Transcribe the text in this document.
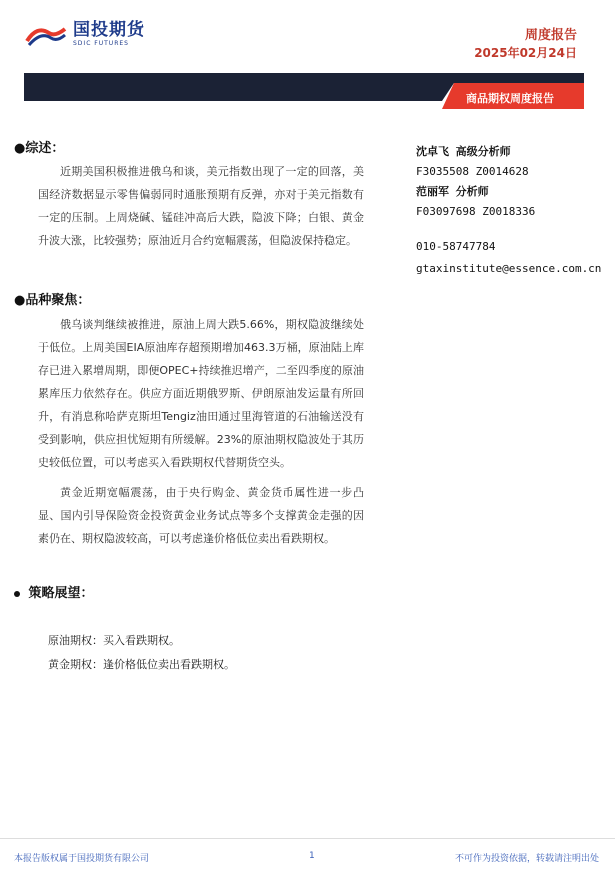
国投期货
SDIC FUTURES
周度报告
2025年02月24日
商品期权周度报告
●综述：

近期美国积极推进俄乌和谈，美元指数出现了一定的回落，美国经济数据显示零售偏弱同时通胀预期有反弹，亦对于美元指数有一定的压制。上周烧碱、锰硅冲高后大跌，隐波下降；白银、黄金升波大涨，比较强势；原油近月合约宽幅震荡，但隐波保持稳定。

●品种聚焦：

俄乌谈判继续被推进，原油上周大跌5.66%，期权隐波继续处于低位。上周美国EIA原油库存超预期增加463.3万桶，原油陆上库存已进入累增周期，即便OPEC+持续推迟增产，二至四季度的原油累库压力依然存在。供应方面近期俄罗斯、伊朗原油发运量有所回升，有消息称哈萨克斯坦Tengiz油田通过里海管道的石油输送没有受到影响，供应担忧短期有所缓解。23%的原油期权隐波处于其历史较低位置，可以考虑买入看跌期权代替期货空头。

黄金近期宽幅震荡，由于央行购金、黄金货币属性进一步凸显、国内引导保险资金投资黄金业务试点等多个支撑黄金走强的因素仍在、期权隐波较高，可以考虑逢价格低位卖出看跌期权。

策略展望：
原油期权：买入看跌期权。
黄金期权：逢价格低位卖出看跌期权。
沈卓飞 高级分析师
F3035508 Z0014628
范丽军 分析师
F03097698 Z0018336
010-58747784
gtaxinstitute@essence.com.cn
本报告版权属于国投期货有限公司	1	不可作为投资依据，转载请注明出处
